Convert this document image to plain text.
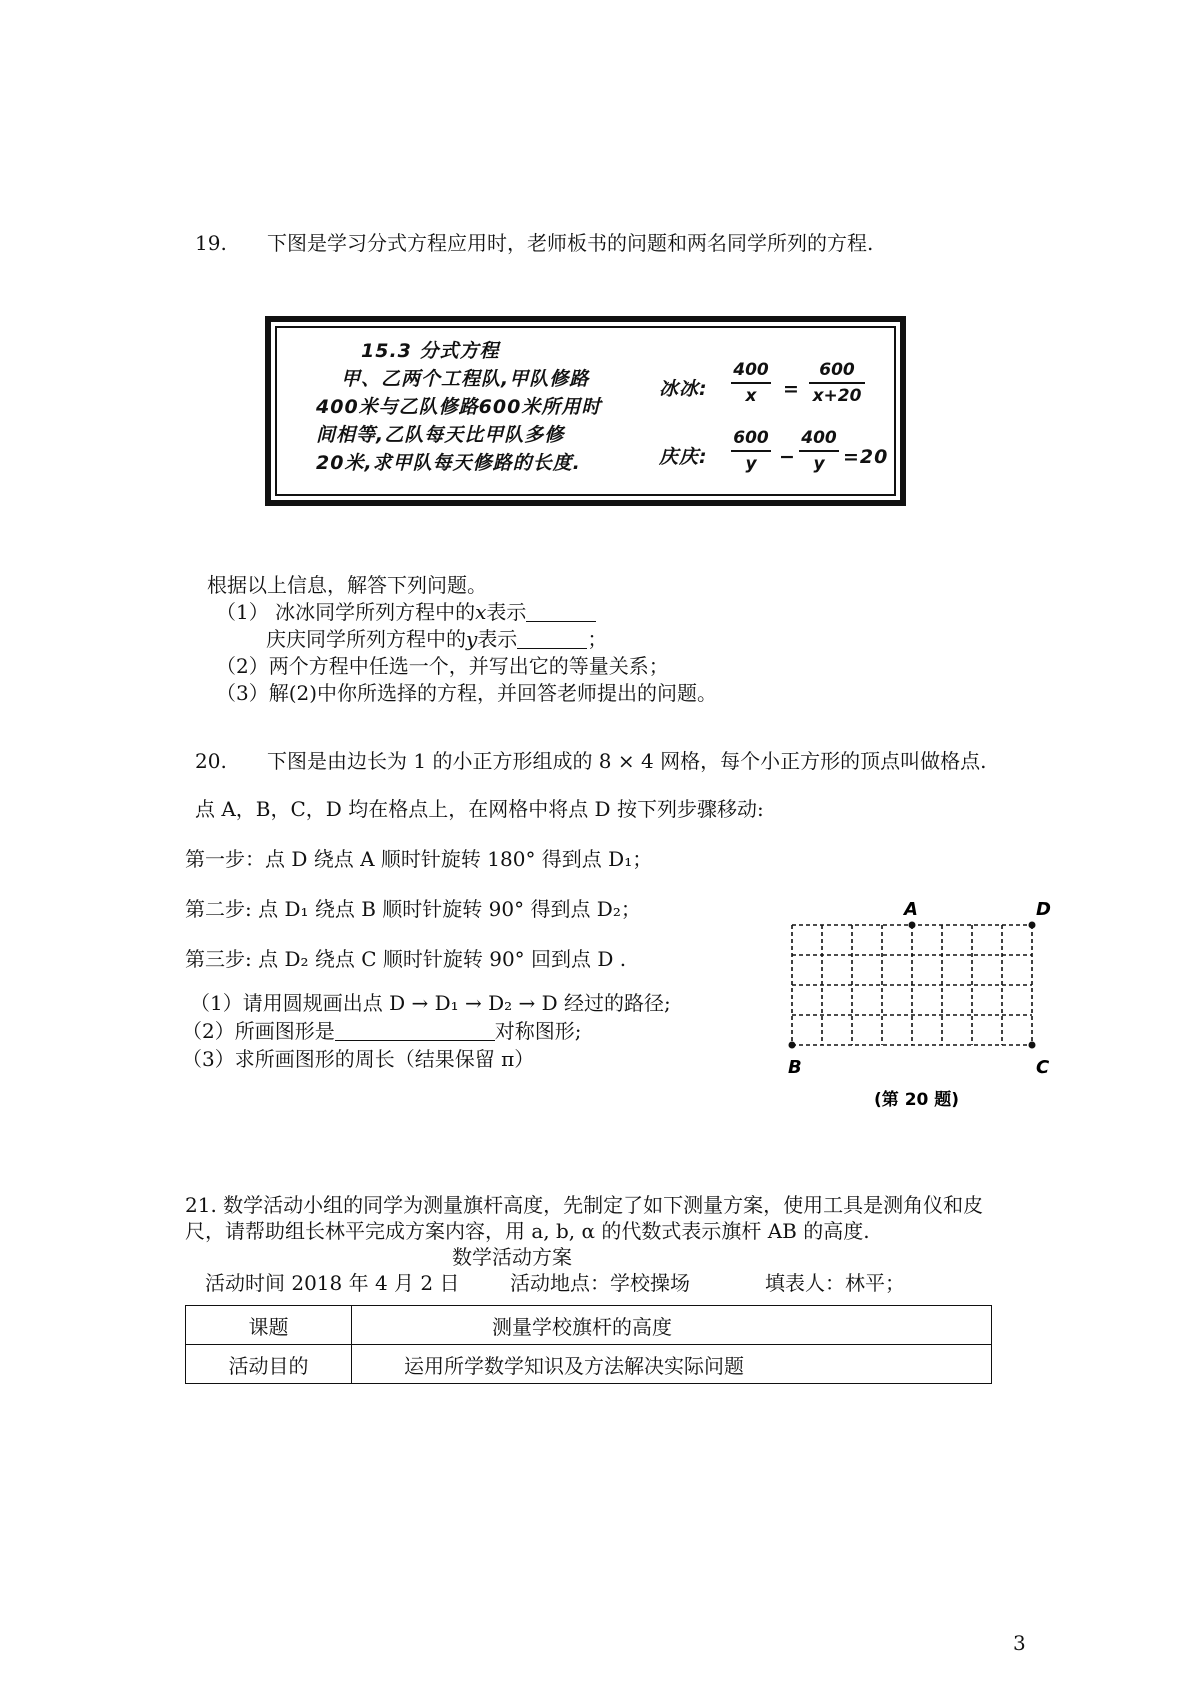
19. 下图是学习分式方程应用时，老师板书的问题和两名同学所列的方程.
15.3 分式方程
甲、乙两个工程队,甲队修路
400米与乙队修路600米所用时
间相等,乙队每天比甲队多修
20米,求甲队每天修路的长度.
冰冰:
400
x =
600
x+20
庆庆:
600
y −
400
y =20
根据以上信息，解答下列问题。
（1） 冰冰同学所列方程中的x表示
庆庆同学所列方程中的y表示	；
（2）两个方程中任选一个，并写出它的等量关系；
（3）解(2)中你所选择的方程，并回答老师提出的问题。
20. 下图是由边长为 1 的小正方形组成的 8 × 4 网格，每个小正方形的顶点叫做格点.
点 A，B，C，D 均在格点上，在网格中将点 D 按下列步骤移动:
第一步：点 D 绕点 A 顺时针旋转 180° 得到点 D₁；
第二步: 点 D₁ 绕点 B 顺时针旋转 90° 得到点 D₂；
第三步: 点 D₂ 绕点 C 顺时针旋转 90° 回到点 D .
（1）请用圆规画出点 D → D₁ → D₂ → D 经过的路径;
（2）所画图形是	对称图形;
（3）求所画图形的周长（结果保留 π）
A	D
B	C
(第 20 题)
21. 数学活动小组的同学为测量旗杆高度，先制定了如下测量方案，使用工具是测角仪和皮
尺，请帮助组长林平完成方案内容，用 a, b, α 的代数式表示旗杆 AB 的高度.
数学活动方案
活动时间 2018 年 4 月 2 日	活动地点：学校操场	填表人：林平；
课题	测量学校旗杆的高度
活动目的	运用所学数学知识及方法解决实际问题
3
